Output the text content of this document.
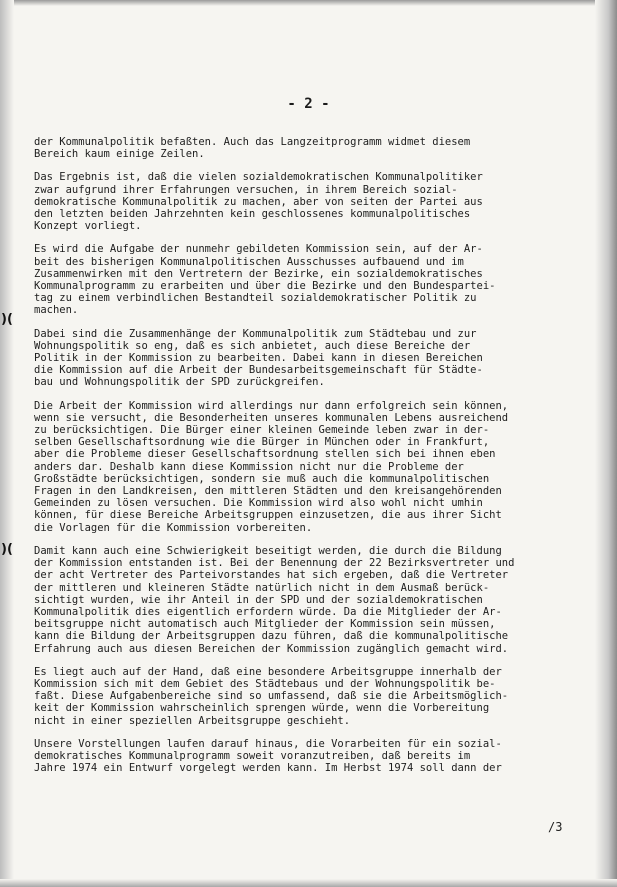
)(
)(
- 2 -
der Kommunalpolitik befaßten. Auch das Langzeitprogramm widmet diesem
Bereich kaum einige Zeilen.
Das Ergebnis ist, daß die vielen sozialdemokratischen Kommunalpolitiker
zwar aufgrund ihrer Erfahrungen versuchen, in ihrem Bereich sozial-
demokratische Kommunalpolitik zu machen, aber von seiten der Partei aus
den letzten beiden Jahrzehnten kein geschlossenes kommunalpolitisches
Konzept vorliegt.
Es wird die Aufgabe der nunmehr gebildeten Kommission sein, auf der Ar-
beit des bisherigen Kommunalpolitischen Ausschusses aufbauend und im
Zusammenwirken mit den Vertretern der Bezirke, ein sozialdemokratisches
Kommunalprogramm zu erarbeiten und über die Bezirke und den Bundespartei-
tag zu einem verbindlichen Bestandteil sozialdemokratischer Politik zu
machen.
Dabei sind die Zusammenhänge der Kommunalpolitik zum Städtebau und zur
Wohnungspolitik so eng, daß es sich anbietet, auch diese Bereiche der
Politik in der Kommission zu bearbeiten. Dabei kann in diesen Bereichen
die Kommission auf die Arbeit der Bundesarbeitsgemeinschaft für Städte-
bau und Wohnungspolitik der SPD zurückgreifen.
Die Arbeit der Kommission wird allerdings nur dann erfolgreich sein können,
wenn sie versucht, die Besonderheiten unseres kommunalen Lebens ausreichend
zu berücksichtigen. Die Bürger einer kleinen Gemeinde leben zwar in der-
selben Gesellschaftsordnung wie die Bürger in München oder in Frankfurt,
aber die Probleme dieser Gesellschaftsordnung stellen sich bei ihnen eben
anders dar. Deshalb kann diese Kommission nicht nur die Probleme der
Großstädte berücksichtigen, sondern sie muß auch die kommunalpolitischen
Fragen in den Landkreisen, den mittleren Städten und den kreisangehörenden
Gemeinden zu lösen versuchen. Die Kommission wird also wohl nicht umhin
können, für diese Bereiche Arbeitsgruppen einzusetzen, die aus ihrer Sicht
die Vorlagen für die Kommission vorbereiten.
Damit kann auch eine Schwierigkeit beseitigt werden, die durch die Bildung
der Kommission entstanden ist. Bei der Benennung der 22 Bezirksvertreter und
der acht Vertreter des Parteivorstandes hat sich ergeben, daß die Vertreter
der mittleren und kleineren Städte natürlich nicht in dem Ausmaß berück-
sichtigt wurden, wie ihr Anteil in der SPD und der sozialdemokratischen
Kommunalpolitik dies eigentlich erfordern würde. Da die Mitglieder der Ar-
beitsgruppe nicht automatisch auch Mitglieder der Kommission sein müssen,
kann die Bildung der Arbeitsgruppen dazu führen, daß die kommunalpolitische
Erfahrung auch aus diesen Bereichen der Kommission zugänglich gemacht wird.
Es liegt auch auf der Hand, daß eine besondere Arbeitsgruppe innerhalb der
Kommission sich mit dem Gebiet des Städtebaus und der Wohnungspolitik be-
faßt. Diese Aufgabenbereiche sind so umfassend, daß sie die Arbeitsmöglich-
keit der Kommission wahrscheinlich sprengen würde, wenn die Vorbereitung
nicht in einer speziellen Arbeitsgruppe geschieht.
Unsere Vorstellungen laufen darauf hinaus, die Vorarbeiten für ein sozial-
demokratisches Kommunalprogramm soweit voranzutreiben, daß bereits im
Jahre 1974 ein Entwurf vorgelegt werden kann. Im Herbst 1974 soll dann der
/3
